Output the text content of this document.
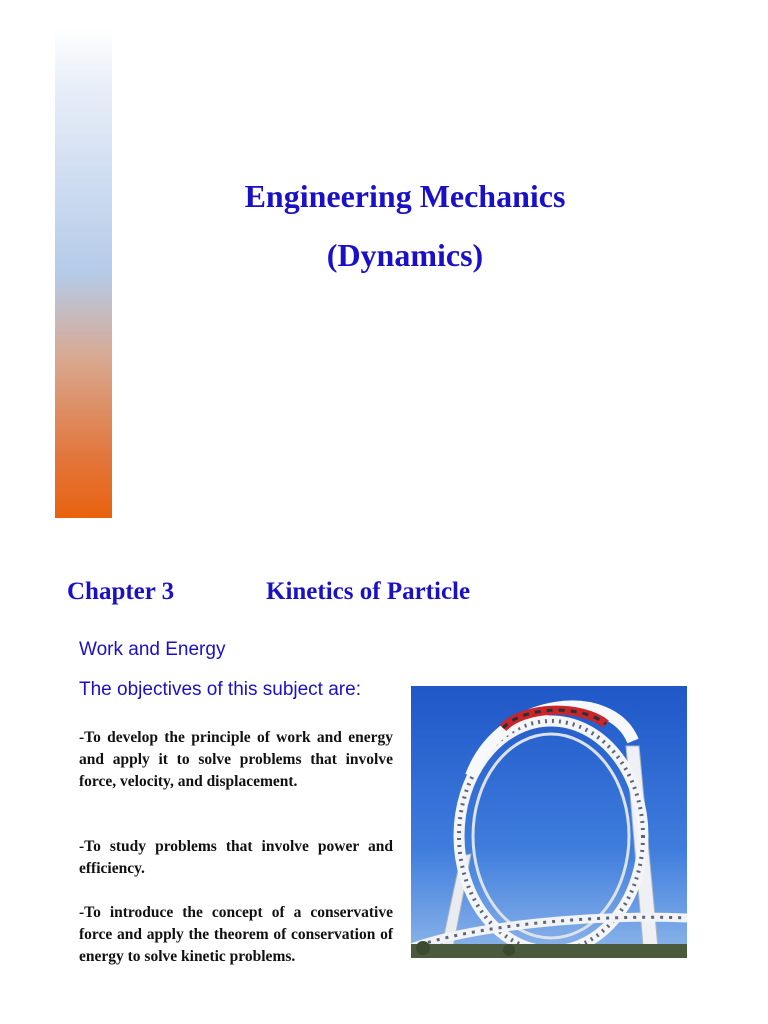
Engineering Mechanics
(Dynamics)
Chapter 3	Kinetics of Particle
Work and Energy
The objectives of this subject are:

-To develop the principle of work and energy and apply it to solve problems that involve force, velocity, and displacement.

-To study problems that involve power and efficiency.

-To introduce the concept of a conservative force and apply the theorem of conservation of energy to solve kinetic problems.
